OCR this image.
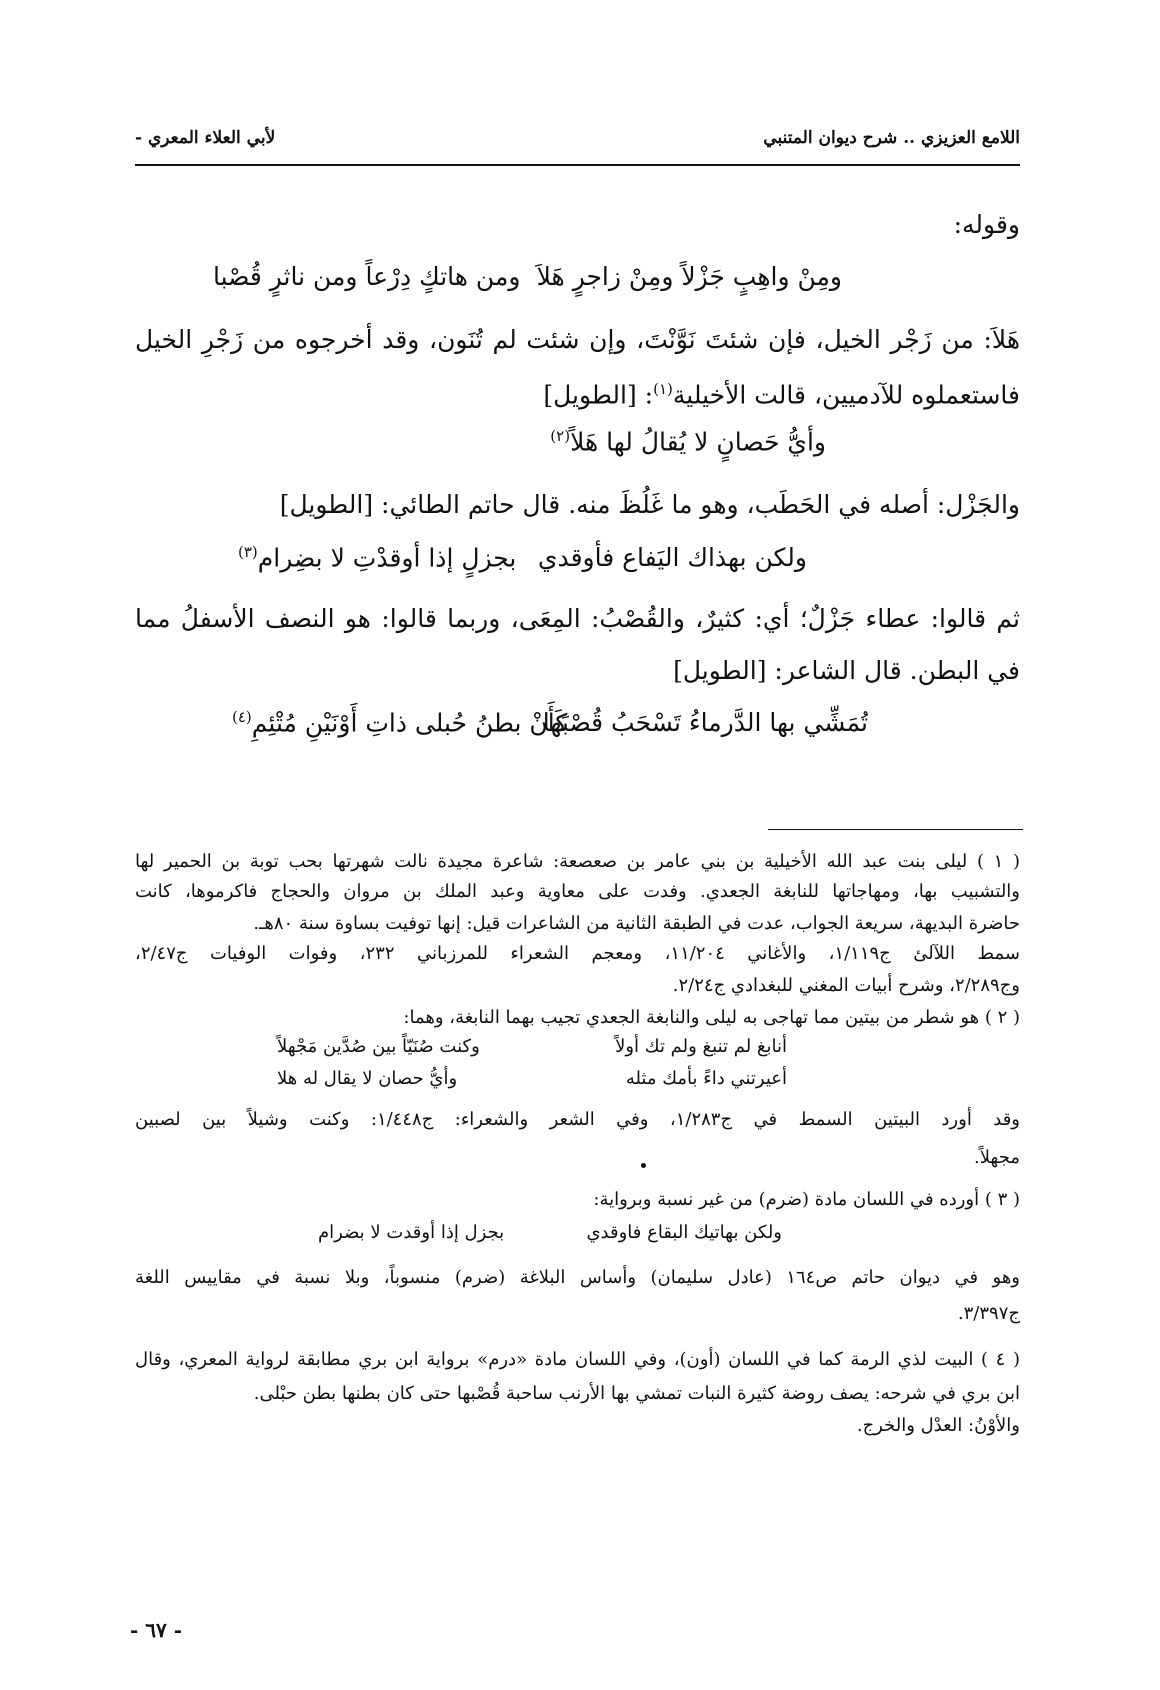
اللامع العزيزي .. شرح ديوان المتنبي
لأبي العلاء المعري -
وقوله:
ومِنْ واهِبٍ جَزْلاً ومِنْ زاجرٍ هَلاَ
ومن هاتكٍ دِرْعاً ومن ناثرٍ قُصْبا
هَلاَ: من زَجْر الخيل، فإن شئتَ نَوَّنْتَ، وإن شئت لم تُنَون، وقد أخرجوه من زَجْرِ الخيل
فاستعملوه للآدميين، قالت الأخيلية$^{(١)}$: [الطويل]
وأيُّ حَصانٍ لا يُقالُ لها هَلاً$^{(٢)}$
والجَزْل: أصله في الحَطَب، وهو ما غَلُظَ منه. قال حاتم الطائي: [الطويل]
ولكن بهذاك اليَفاع فأوقدي
بجزلٍ إذا أوقدْتِ لا بضِرام$^{(٣)}$
ثم قالوا: عطاء جَزْلٌ؛ أي: كثيرٌ، والقُصْبُ: المِعَى، وربما قالوا: هو النصف الأسفلُ مما
في البطن. قال الشاعر: [الطويل]
تُمَشِّي بها الدَّرماءُ تَسْحَبُ قُصْبَها
كَأَنْ بطنُ حُبلى ذاتِ أَوْنَيْنِ مُتْئِمِ$^{(٤)}$
( ١ ) ليلى بنت عبد الله الأخيلية بن بني عامر بن صعصعة: شاعرة مجيدة نالت شهرتها بحب توبة بن الحمير لها
والتشبيب بها، ومهاجاتها للنابغة الجعدي. وفدت على معاوية وعبد الملك بن مروان والحجاج فاكرموها، كانت
حاضرة البديهة، سريعة الجواب، عدت في الطبقة الثانية من الشاعرات قيل: إنها توفيت بساوة سنة ٨٠هـ.
سمط اللآلئ ج١/١١٩، والأغاني ١١/٢٠٤، ومعجم الشعراء للمرزباني ٢٣٢، وفوات الوفيات ج٢/٤٧،
وج٢/٢٨٩، وشرح أبيات المغني للبغدادي ج٢/٢٤.
( ٢ ) هو شطر من بيتين مما تهاجى به ليلى والنابغة الجعدي تجيب بهما النابغة، وهما:
أنابغ لم تنبغ ولم تك أولاً
وكنت صُنَيّاً بين صُدَّين مَجْهلاً
أعيرتني داءً بأمك مثله
وأيُّ حصان لا يقال له هلا
وقد أورد البيتين السمط في ج١/٢٨٣، وفي الشعر والشعراء: ج١/٤٤٨: وكنت وشيلاً بين لصبين
مجهلاً.
( ٣ ) أورده في اللسان مادة (ضرم) من غير نسبة وبرواية:
ولكن بهاتيك البقاع فاوقدي
بجزل إذا أوقدت لا بضرام
وهو في ديوان حاتم ص١٦٤ (عادل سليمان) وأساس البلاغة (ضرم) منسوباً، وبلا نسبة في مقاييس اللغة
ج٣/٣٩٧.
( ٤ ) البيت لذي الرمة كما في اللسان (أون)، وفي اللسان مادة «درم» برواية ابن بري مطابقة لرواية المعري، وقال
ابن بري في شرحه: يصف روضة كثيرة النبات تمشي بها الأرنب ساحبة قُصْبها حتى كان بطنها بطن حبْلى.
والأوْنُ: العدْل والخرج.
- ٦٧ -
